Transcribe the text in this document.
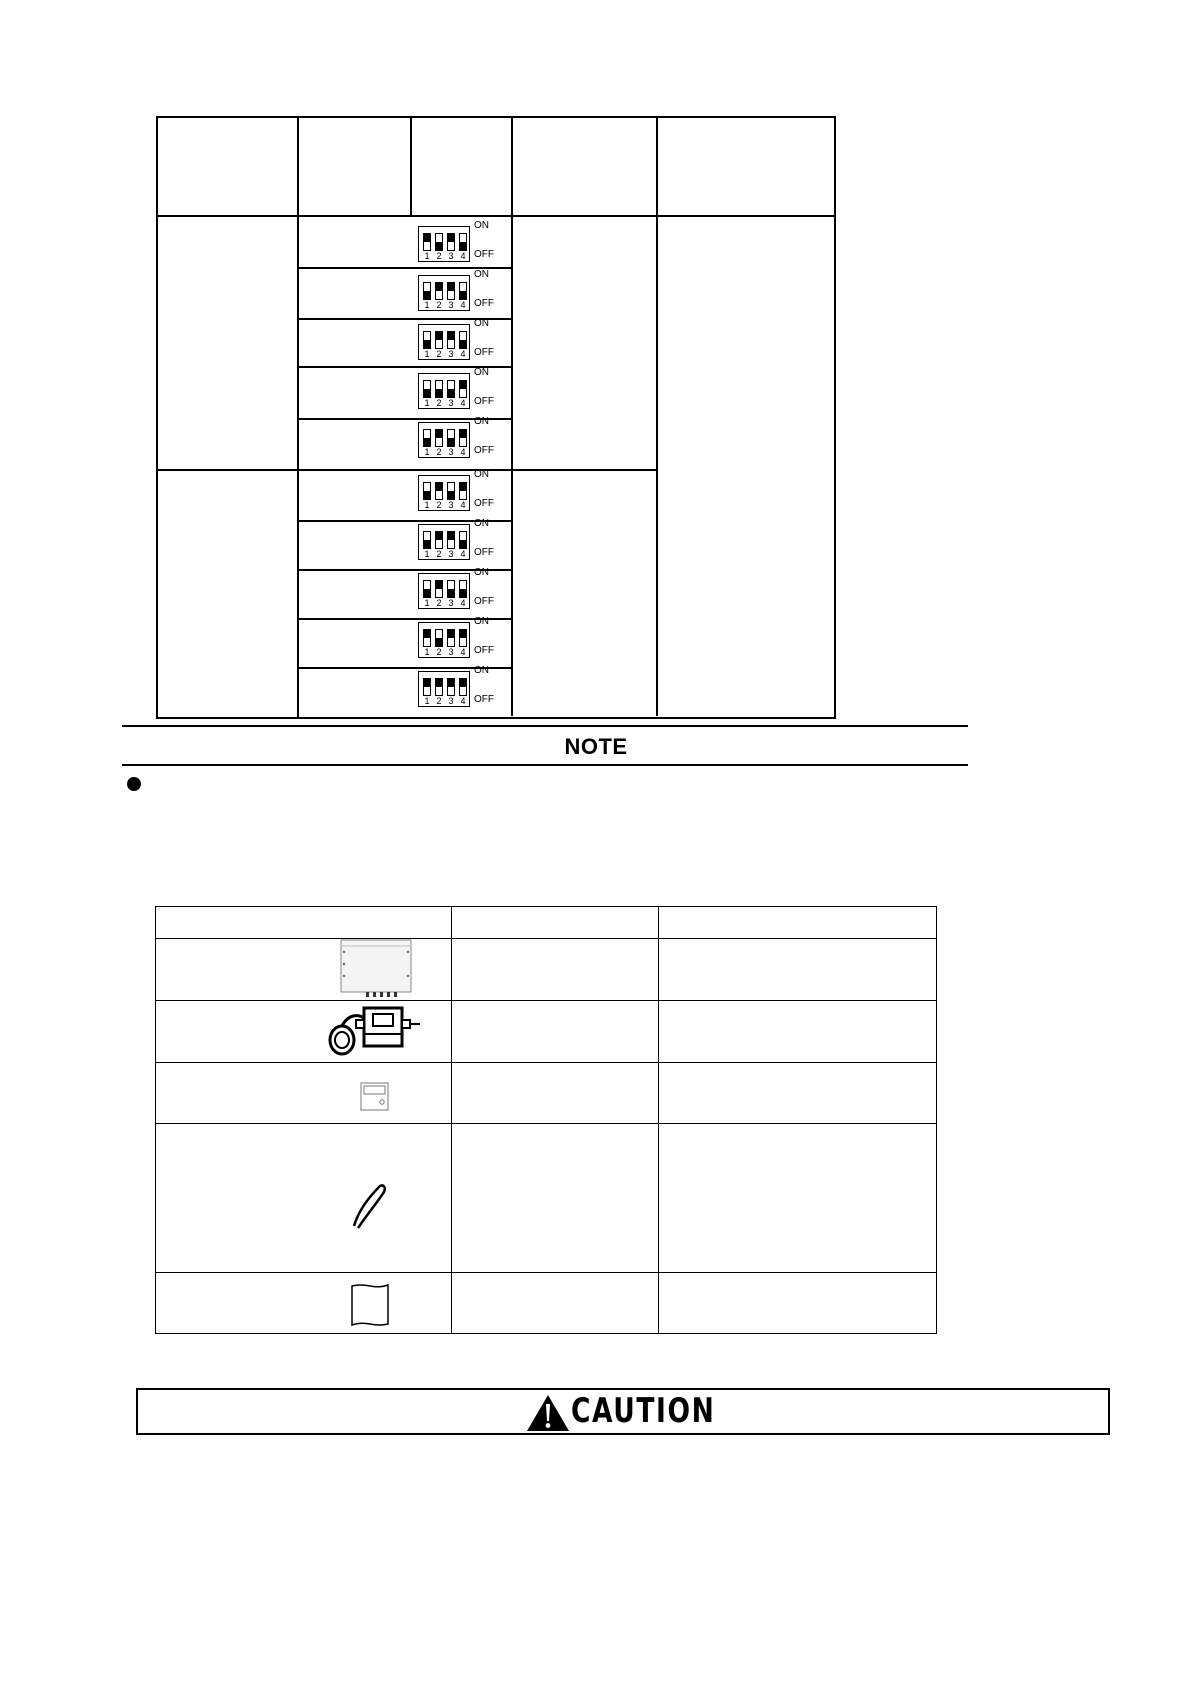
1 2 3 4
ON
OFF
1 2 3 4
ON
OFF
1 2 3 4
ON
OFF
1 2 3 4
ON
OFF
1 2 3 4
ON
OFF
1 2 3 4
ON
OFF
1 2 3 4
ON
OFF
1 2 3 4
ON
OFF
1 2 3 4
ON
OFF
1 2 3 4
ON
OFF
NOTE
CAUTION
